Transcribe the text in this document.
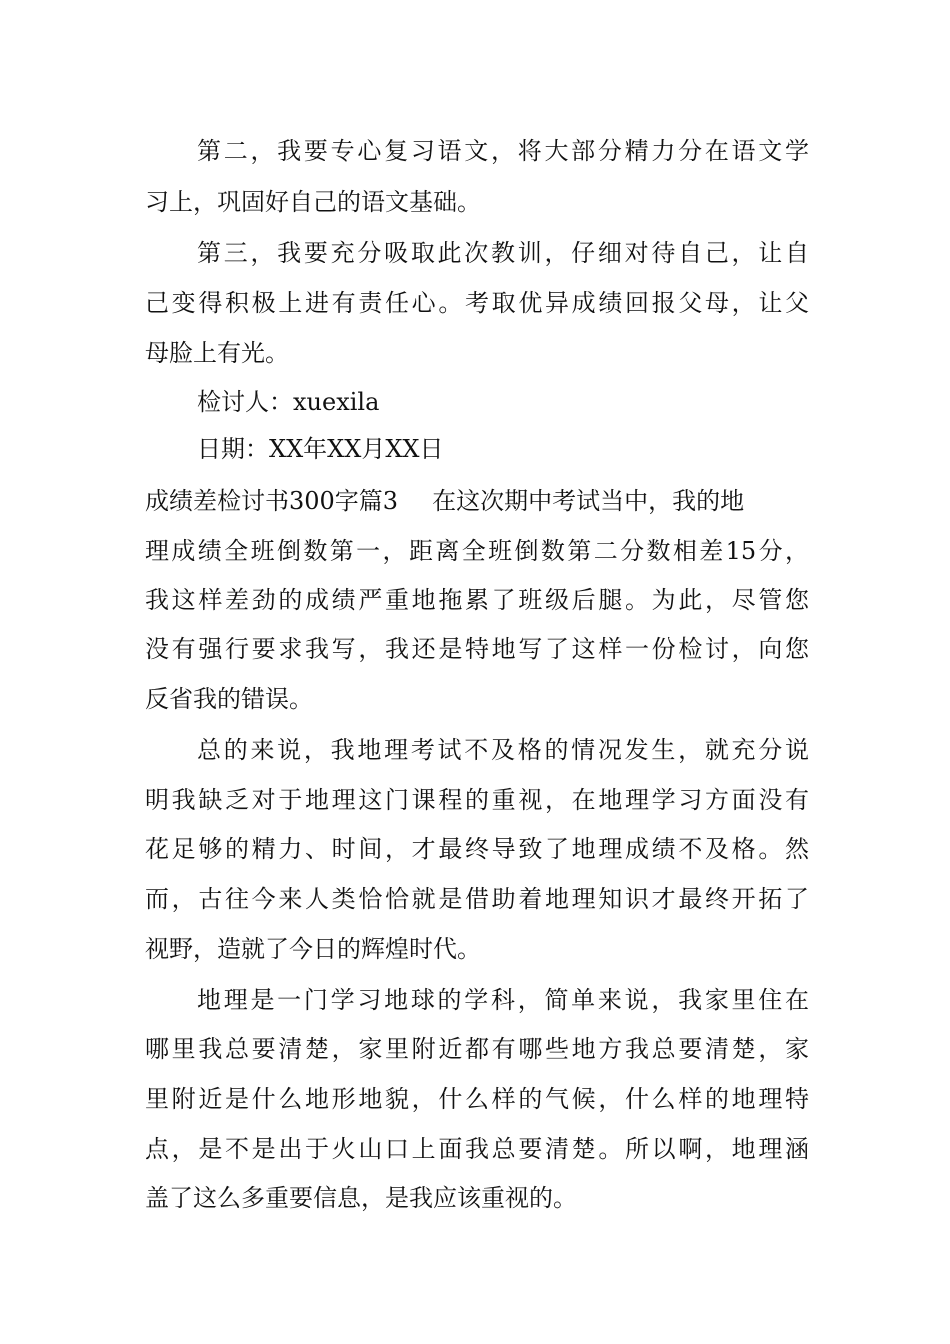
第二，我要专心复习语文，将大部分精力分在语文学
习上，巩固好自己的语文基础。
第三，我要充分吸取此次教训，仔细对待自己，让自
己变得积极上进有责任心。考取优异成绩回报父母，让父
母脸上有光。
检讨人：xuexila
日期：XX年XX月XX日
成绩差检讨书300字篇3 在这次期中考试当中，我的地
理成绩全班倒数第一，距离全班倒数第二分数相差15分，
我这样差劲的成绩严重地拖累了班级后腿。为此，尽管您
没有强行要求我写，我还是特地写了这样一份检讨，向您
反省我的错误。
总的来说，我地理考试不及格的情况发生，就充分说
明我缺乏对于地理这门课程的重视，在地理学习方面没有
花足够的精力、时间，才最终导致了地理成绩不及格。然
而，古往今来人类恰恰就是借助着地理知识才最终开拓了
视野，造就了今日的辉煌时代。
地理是一门学习地球的学科，简单来说，我家里住在
哪里我总要清楚，家里附近都有哪些地方我总要清楚，家
里附近是什么地形地貌，什么样的气候，什么样的地理特
点，是不是出于火山口上面我总要清楚。所以啊，地理涵
盖了这么多重要信息，是我应该重视的。
